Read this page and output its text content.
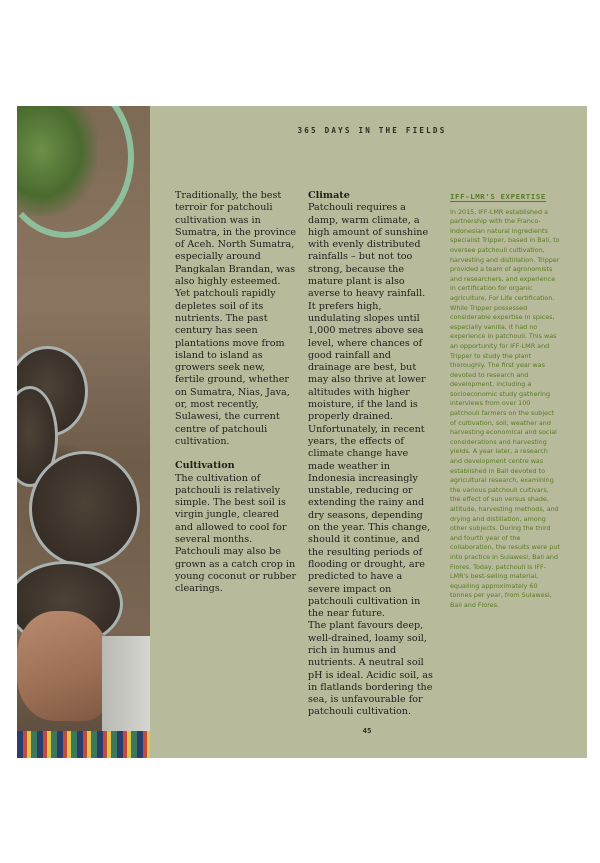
365 DAYS IN THE FIELDS

Traditionally, the best terroir for patchouli cultivation was in Sumatra, in the province of Aceh. North Sumatra, especially around Pangkalan Brandan, was also highly esteemed. Yet patchouli rapidly depletes soil of its nutrients. The past century has seen plantations move from island to island as growers seek new, fertile ground, whether on Sumatra, Nias, Java, or, most recently, Sulawesi, the current centre of patchouli cultivation.

Cultivation

The cultivation of patchouli is relatively simple. The best soil is virgin jungle, cleared and allowed to cool for several months. Patchouli may also be grown as a catch crop in young coconut or rubber clearings.

Climate

Patchouli requires a damp, warm climate, a high amount of sunshine with evenly distributed rainfalls – but not too strong, because the mature plant is also averse to heavy rainfall. It prefers high, undulating slopes until 1,000 metres above sea level, where chances of good rainfall and drainage are best, but may also thrive at lower altitudes with higher moisture, if the land is properly drained. Unfortunately, in recent years, the effects of climate change have made weather in Indonesia increasingly unstable, reducing or extending the rainy and dry seasons, depending on the year. This change, should it continue, and the resulting periods of flooding or drought, are predicted to have a severe impact on patchouli cultivation in the near future.

The plant favours deep, well-drained, loamy soil, rich in humus and nutrients. A neutral soil pH is ideal. Acidic soil, as in flatlands bordering the sea, is unfavourable for patchouli cultivation.

IFF-LMR'S EXPERTISE

In 2015, IFF-LMR established a partnership with the Franco-Indonesian natural ingredients specialist Tripper, based in Bali, to oversee patchouli cultivation, harvesting and distillation. Tripper provided a team of agronomists and researchers, and experience in certification for organic agriculture, For Life certification.

While Tripper possessed considerable expertise in spices, especially vanilla, it had no experience in patchouli. This was an opportunity for IFF-LMR and Tripper to study the plant thoroughly. The first year was devoted to research and development, including a socioeconomic study gathering interviews from over 100 patchouli farmers on the subject of cultivation, soil, weather and harvesting economical and social considerations and harvesting yields. A year later, a research and development centre was established in Bali devoted to agricultural research, examining the various patchouli cultivars, the effect of sun versus shade, altitude, harvesting methods, and drying and distillation, among other subjects. During the third and fourth year of the collaboration, the results were put into practice in Sulawesi, Bali and Flores. Today, patchouli is IFF-LMR's best-selling material, equalling approximately 60 tonnes per year, from Sulawesi, Bali and Flores.

45
